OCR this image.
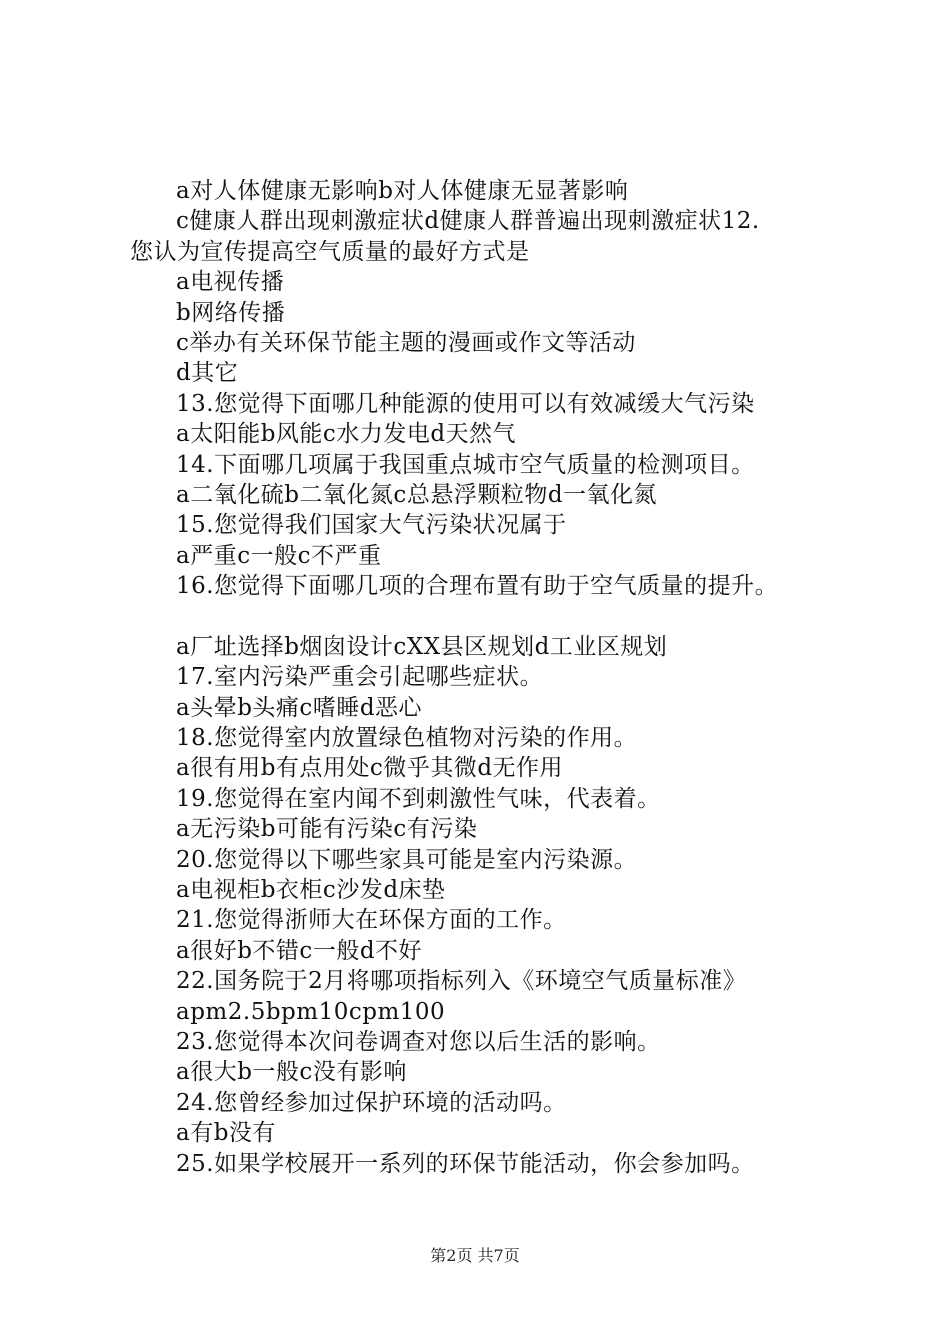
a对人体健康无影响b对人体健康无显著影响
c健康人群出现刺激症状d健康人群普遍出现刺激症状12.
您认为宣传提高空气质量的最好方式是
a电视传播
b网络传播
c举办有关环保节能主题的漫画或作文等活动
d其它
13.您觉得下面哪几种能源的使用可以有效减缓大气污染
a太阳能b风能c水力发电d天然气
14.下面哪几项属于我国重点城市空气质量的检测项目。
a二氧化硫b二氧化氮c总悬浮颗粒物d一氧化氮
15.您觉得我们国家大气污染状况属于
a严重c一般c不严重
16.您觉得下面哪几项的合理布置有助于空气质量的提升。
a厂址选择b烟囱设计cXX县区规划d工业区规划
17.室内污染严重会引起哪些症状。
a头晕b头痛c嗜睡d恶心
18.您觉得室内放置绿色植物对污染的作用。
a很有用b有点用处c微乎其微d无作用
19.您觉得在室内闻不到刺激性气味，代表着。
a无污染b可能有污染c有污染
20.您觉得以下哪些家具可能是室内污染源。
a电视柜b衣柜c沙发d床垫
21.您觉得浙师大在环保方面的工作。
a很好b不错c一般d不好
22.国务院于2月将哪项指标列入《环境空气质量标准》
apm2.5bpm10cpm100
23.您觉得本次问卷调查对您以后生活的影响。
a很大b一般c没有影响
24.您曾经参加过保护环境的活动吗。
a有b没有
25.如果学校展开一系列的环保节能活动，你会参加吗。
第2页 共7页
